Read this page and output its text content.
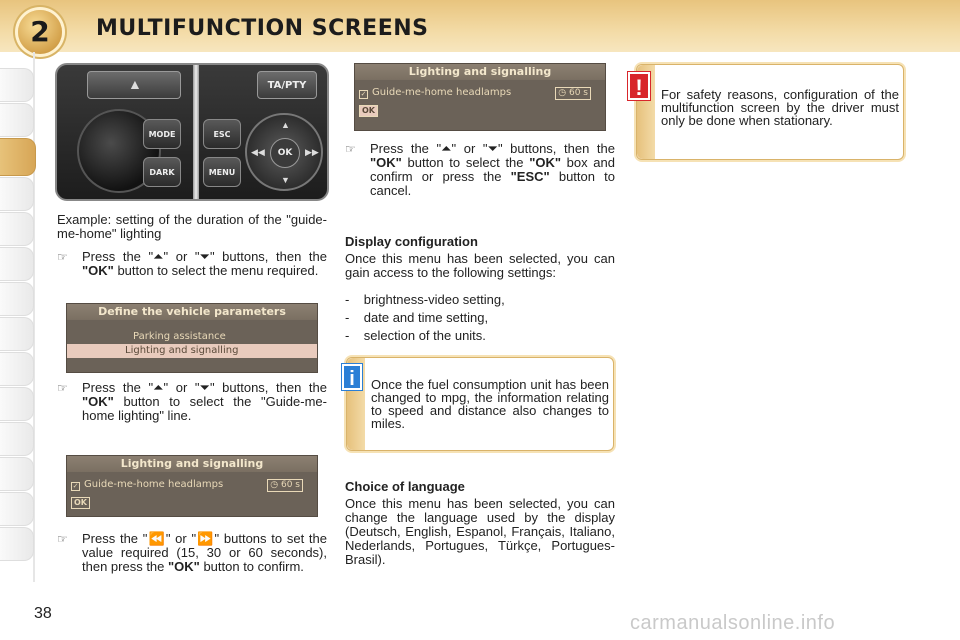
2	MULTIFUNCTION SCREENS
▲	TA/PTY
MODE
DARK
ESC
MENU
▲
▼
◀◀	▶▶
OK
Example: setting of the duration of the "guide-me-home" lighting
☞ Press the "⏶" or "⏷" buttons, then the "OK" button to select the menu required.
Define the vehicle parameters
Parking assistance
Lighting and signalling
☞ Press the "⏶" or "⏷" buttons, then the "OK" button to select the "Guide-me-home lighting" line.
Lighting and signalling
✓ Guide-me-home headlamps	◷ 60 s
OK
☞ Press the "⏪" or "⏩" buttons to set the value required (15, 30 or 60 seconds), then press the "OK" button to confirm.
Lighting and signalling
✓ Guide-me-home headlamps	◷ 60 s
OK
☞ Press the "⏶" or "⏷" buttons, then the "OK" button to select the "OK" box and confirm or press the "ESC" button to cancel.
Display configuration
Once this menu has been selected, you can gain access to the following settings:
-    brightness-video setting,
-    date and time setting,
-    selection of the units.
Once the fuel consumption unit has been changed to mpg, the information relating to speed and distance also changes to miles.
i
Choice of language
Once this menu has been selected, you can change the language used by the display (Deutsch, English, Espanol, Français, Italiano, Nederlands, Portugues, Türkçe, Portugues-Brasil).
For safety reasons, configuration of the multifunction screen by the driver must only be done when stationary.
!
38	carmanualsonline.info
